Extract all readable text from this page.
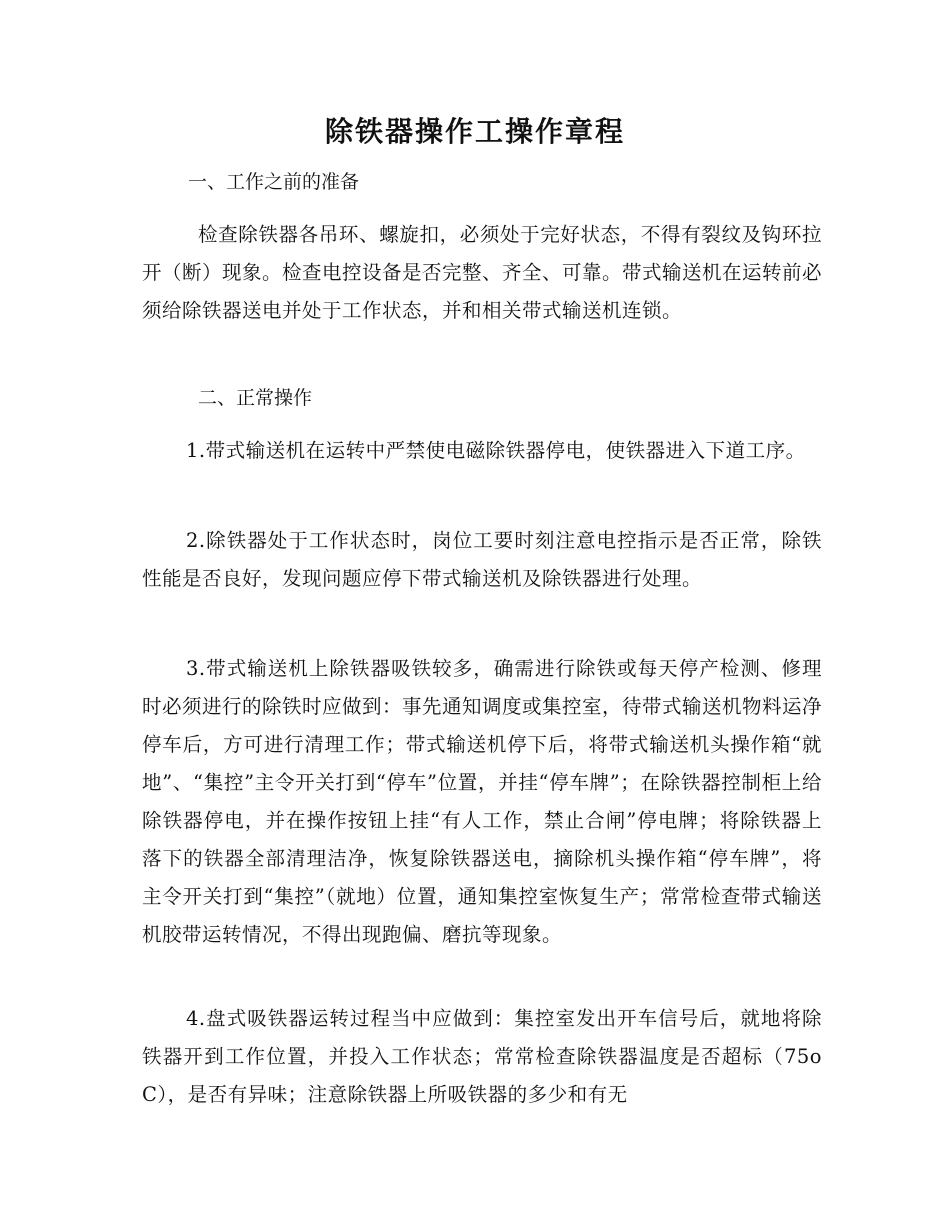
除铁器操作工操作章程
一、工作之前的准备
检查除铁器各吊环、螺旋扣，必须处于完好状态，不得有裂纹及钩环拉开（断）现象。检查电控设备是否完整、齐全、可靠。带式输送机在运转前必须给除铁器送电并处于工作状态，并和相关带式输送机连锁。
二、正常操作
1.带式输送机在运转中严禁使电磁除铁器停电，使铁器进入下道工序。
2.除铁器处于工作状态时，岗位工要时刻注意电控指示是否正常，除铁性能是否良好，发现问题应停下带式输送机及除铁器进行处理。
3.带式输送机上除铁器吸铁较多，确需进行除铁或每天停产检测、修理时必须进行的除铁时应做到：事先通知调度或集控室，待带式输送机物料运净停车后，方可进行清理工作；带式输送机停下后，将带式输送机头操作箱“就地”、“集控”主令开关打到“停车”位置，并挂“停车牌”；在除铁器控制柜上给除铁器停电，并在操作按钮上挂“有人工作，禁止合闸”停电牌；将除铁器上落下的铁器全部清理洁净，恢复除铁器送电，摘除机头操作箱“停车牌”，将主令开关打到“集控”（就地）位置，通知集控室恢复生产；常常检查带式输送机胶带运转情况，不得出现跑偏、磨抗等现象。
4.盘式吸铁器运转过程当中应做到：集控室发出开车信号后，就地将除铁器开到工作位置，并投入工作状态；常常检查除铁器温度是否超标（75oC），是否有异味；注意除铁器上所吸铁器的多少和有无
